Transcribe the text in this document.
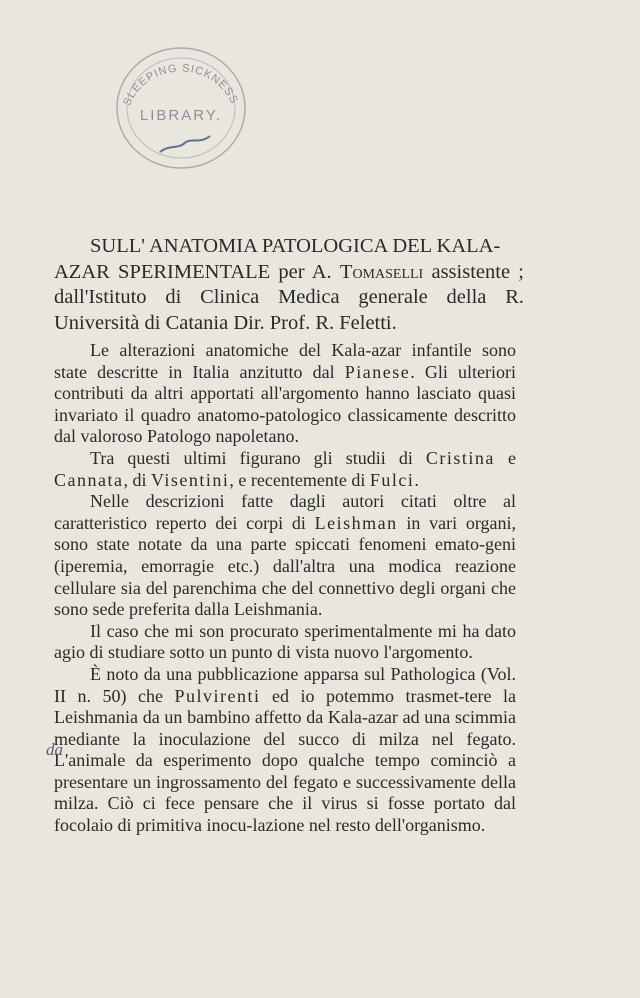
SLEEPING SICKNESS
LIBRARY.
SULL' ANATOMIA PATOLOGICA DEL KALA-
AZAR SPERIMENTALE per A. Tomaselli assistente ; dall'Istituto di Clinica Medica generale della R. Università di Catania Dir. Prof. R. Feletti.

Le alterazioni anatomiche del Kala-azar infantile sono state descritte in Italia anzitutto dal Pianese. Gli ulteriori contributi da altri apportati all'argomento hanno lasciato quasi invariato il quadro anatomo-patologico classicamente descritto dal valoroso Patologo napoletano.

Tra questi ultimi figurano gli studii di Cristina e Cannata, di Visentini, e recentemente di Fulci.

Nelle descrizioni fatte dagli autori citati oltre al caratteristico reperto dei corpi di Leishman in vari organi, sono state notate da una parte spiccati fenomeni emato-geni (iperemia, emorragie etc.) dall'altra una modica reazione cellulare sia del parenchima che del connettivo degli organi che sono sede preferita dalla Leishmania.

Il caso che mi son procurato sperimentalmente mi ha dato agio di studiare sotto un punto di vista nuovo l'argomento.

È noto da una pubblicazione apparsa sul Pathologica (Vol. II n. 50) che Pulvirenti ed io potemmo trasmet-tere la Leishmania da un bambino affetto da Kala-azar ad una scimmia mediante la inoculazione del succo di milza nel fegato. L'animale da esperimento dopo qualche tempo cominciò a presentare un ingrossamento del fegato e successivamente della milza. Ciò ci fece pensare che il virus si fosse portato dal focolaio di primitiva inocu-lazione nel resto dell'organismo.

da
